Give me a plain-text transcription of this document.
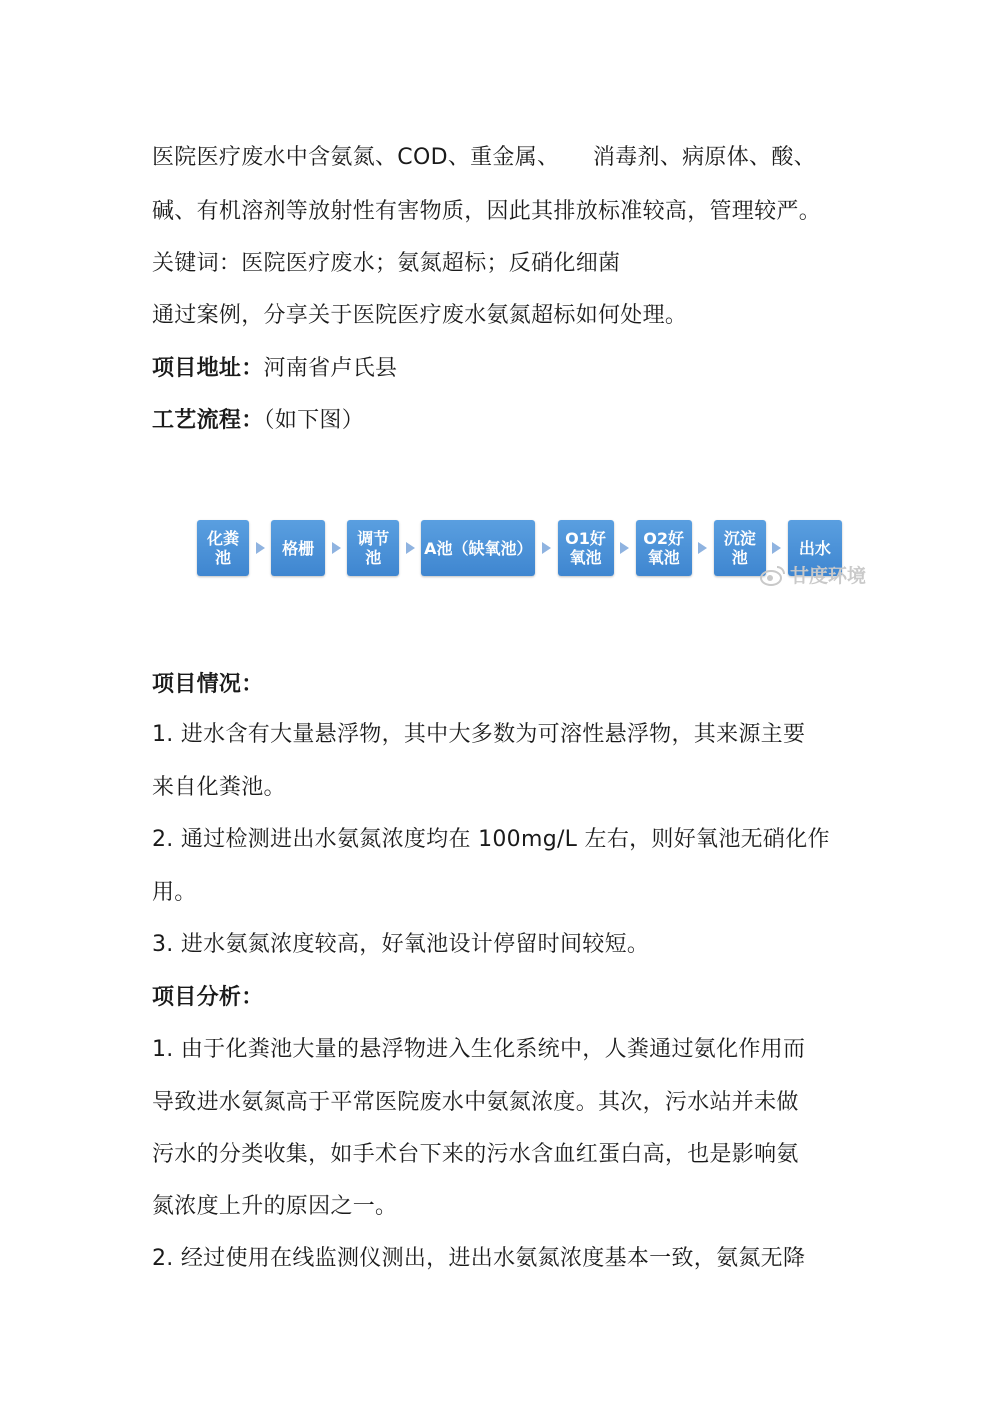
医院医疗废水中含氨氮、COD、重金属、　　消毒剂、病原体、酸、
碱、有机溶剂等放射性有害物质，因此其排放标准较高，管理较严。
关键词：医院医疗废水；氨氮超标；反硝化细菌
通过案例，分享关于医院医疗废水氨氮超标如何处理。
项目地址：河南省卢氏县
工艺流程：（如下图）
化粪
池	格栅	调节
池	A池（缺氧池）	O1好
氧池
O2好
氧池
沉淀
池	出水
甘度环境
项目情况：
1. 进水含有大量悬浮物，其中大多数为可溶性悬浮物，其来源主要
来自化粪池。
2. 通过检测进出水氨氮浓度均在 100mg/L 左右，则好氧池无硝化作
用。
3. 进水氨氮浓度较高，好氧池设计停留时间较短。
项目分析：
1. 由于化粪池大量的悬浮物进入生化系统中，人粪通过氨化作用而
导致进水氨氮高于平常医院废水中氨氮浓度。其次，污水站并未做
污水的分类收集，如手术台下来的污水含血红蛋白高，也是影响氨
氮浓度上升的原因之一。
2. 经过使用在线监测仪测出，进出水氨氮浓度基本一致，氨氮无降
